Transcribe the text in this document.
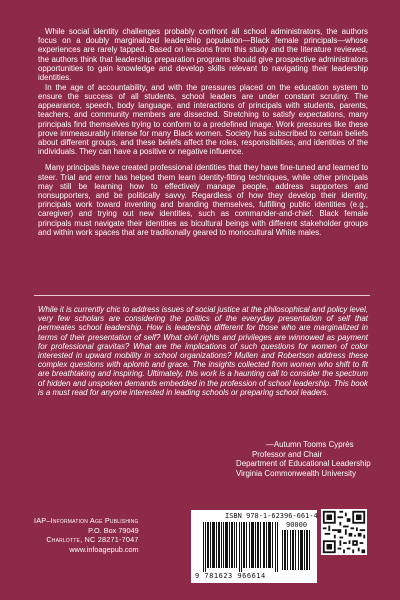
While social identity challenges probably confront all school administrators, the authors focus on a doubly marginalized leadership population—Black female principals—whose experiences are rarely tapped. Based on lessons from this study and the literature reviewed, the authors think that leadership preparation programs should give prospective administrators opportunities to gain knowledge and develop skills relevant to navigating their leadership identities.

In the age of accountability, and with the pressures placed on the education system to ensure the success of all students, school leaders are under constant scrutiny. The appearance, speech, body language, and interactions of principals with students, parents, teachers, and community members are dissected. Stretching to satisfy expectations, many principals find themselves trying to conform to a predefined image. Work pressures like these prove immeasurably intense for many Black women. Society has subscribed to certain beliefs about different groups, and these beliefs affect the roles, responsibilities, and identities of the individuals. They can have a positive or negative influence.

Many principals have created professional identities that they have fine-tuned and learned to steer. Trial and error has helped them learn identity-fitting techniques, while other principals may still be learning how to effectively manage people, address supporters and nonsupporters, and be politically savvy. Regardless of how they develop their identity, principals work toward inventing and branding themselves, fulfilling public identities (e.g., caregiver) and trying out new identities, such as commander-and-chief. Black female principals must navigate their identities as bicultural beings with different stakeholder groups and within work spaces that are traditionally geared to monocultural White males.

While it is currently chic to address issues of social justice at the philosophical and policy level, very few scholars are considering the politics of the everyday presentation of self that permeates school leadership. How is leadership different for those who are marginalized in terms of their presentation of self? What civil rights and privileges are winnowed as payment for professional gravitas? What are the implications of such questions for women of color interested in upward mobility in school organizations? Mullen and Robertson address these complex questions with aplomb and grace. The insights collected from women who shift to fit are breathtaking and inspiring. Ultimately, this work is a haunting call to consider the spectrum of hidden and unspoken demands embedded in the profession of school leadership. This book is a must read for anyone interested in leading schools or preparing school leaders.
—Autumn Tooms Cyprès
Professor and Chair
Department of Educational Leadership
Virginia Commonwealth University
IAP–Information Age Publishing
P.O. Box 79049
Charlotte, NC 28271-7047
www.infoagepub.com
ISBN 978-1-62396-661-4
90000
9 781623 966614
